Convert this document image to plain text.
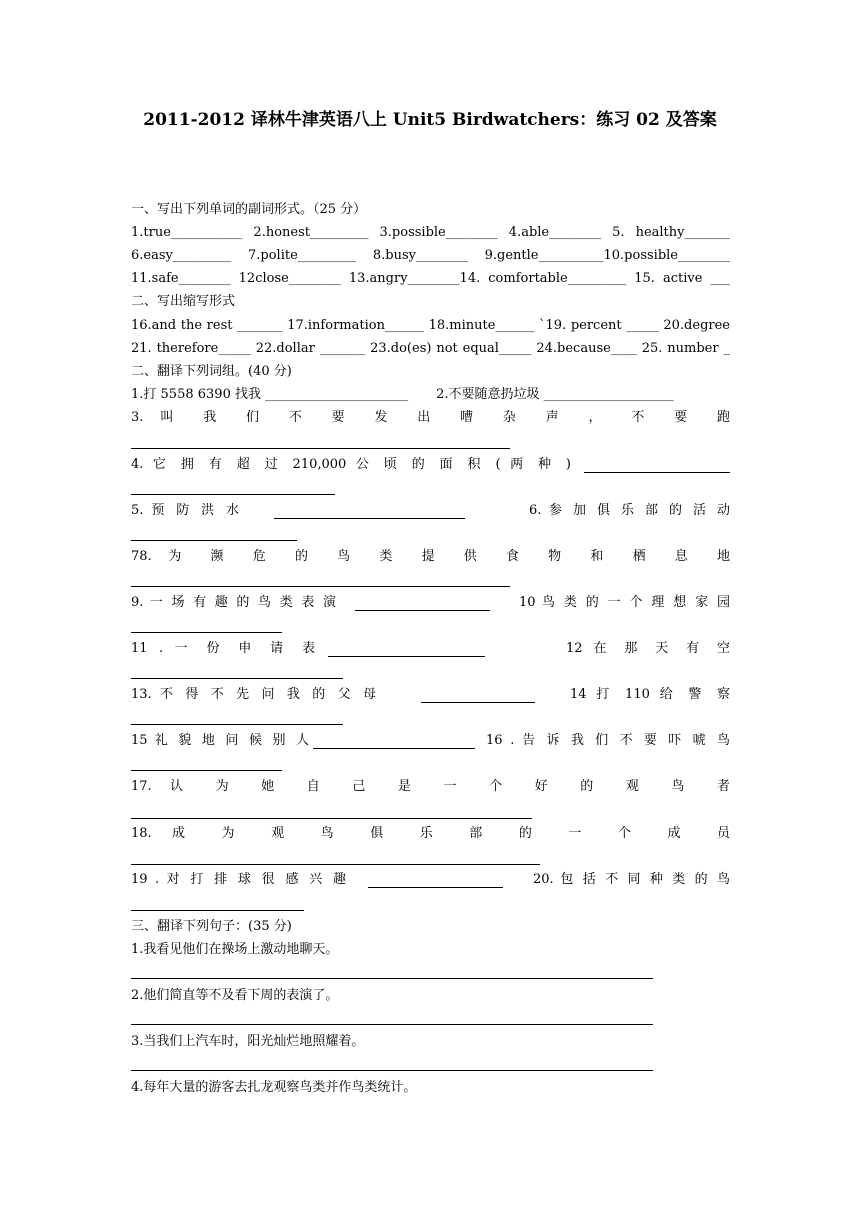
2011-2012 译林牛津英语八上 Unit5 Birdwatchers：练习 02 及答案
一、写出下列单词的副词形式。（25 分）
1.true___________ 2.honest_________ 3.possible________ 4.able________ 5. healthy_______
6.easy_________ 7.polite_________ 8.busy________ 9.gentle__________10.possible________
11.safe________ 12close________ 13.angry________14. comfortable_________ 15. active ___
二、写出缩写形式
16.and the rest _______ 17.information______ 18.minute______ `19. percent _____ 20.degree
21. therefore_____ 22.dollar _______ 23.do(es) not equal_____ 24.because____ 25. number _
二、翻译下列词组。(40 分)
1.打 5558 6390 找我 ______________________ 2.不要随意扔垃圾 ____________________
3. 叫 我 们 不 要 发 出 嘈 杂 声 ， 不 要 跑
4. 它 拥 有 超 过 210,000 公 顷 的 面 积 ( 两 种 )
5. 预 防 洪 水	6. 参 加 俱 乐 部 的 活 动
78. 为 濒 危 的 鸟 类 提 供 食 物 和 栖 息 地
9. 一 场 有 趣 的 鸟 类 表 演	10 鸟 类 的 一 个 理 想 家 园
11 . 一 份 申 请 表	12 在 那 天 有 空
13. 不 得 不 先 问 我 的 父 母	14 打 110 给 警 察
15 礼 貌 地 问 候 别 人	16 . 告 诉 我 们 不 要 吓 唬 鸟
17. 认 为 她 自 己 是 一 个 好 的 观 鸟 者
18. 成 为 观 鸟 俱 乐 部 的 一 个 成 员
19 . 对 打 排 球 很 感 兴 趣	20. 包 括 不 同 种 类 的 鸟
三、翻译下列句子：(35 分)
1.我看见他们在操场上激动地聊天。
2.他们简直等不及看下周的表演了。
3.当我们上汽车时，阳光灿烂地照耀着。
4.每年大量的游客去扎龙观察鸟类并作鸟类统计。
